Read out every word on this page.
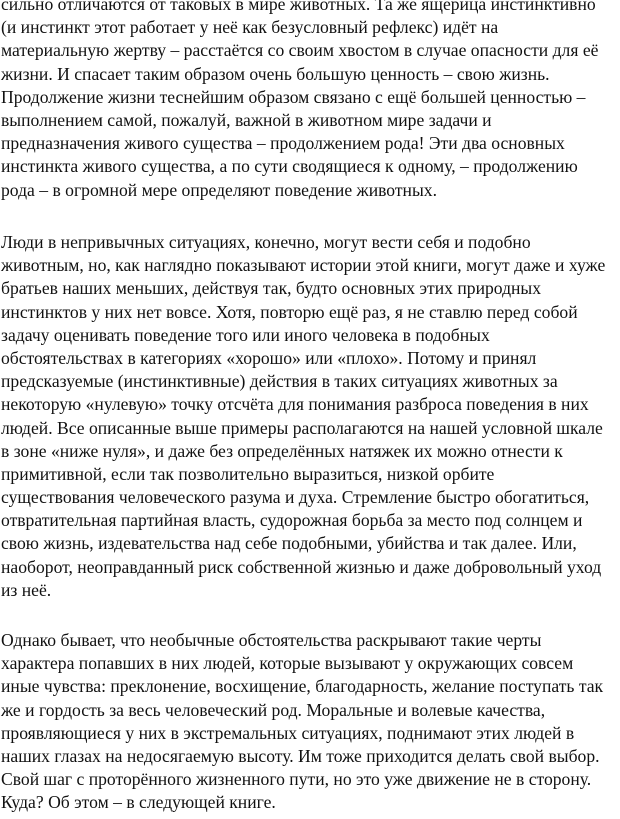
сильно отличаются от таковых в мире животных. Та же ящерица инстинктивно
(и инстинкт этот работает у неё как безусловный рефлекс) идёт на
материальную жертву – расстаётся со своим хвостом в случае опасности для её
жизни. И спасает таким образом очень большую ценность – свою жизнь.
Продолжение жизни теснейшим образом связано с ещё большей ценностью –
выполнением самой, пожалуй, важной в животном мире задачи и
предназначения живого существа – продолжением рода! Эти два основных
инстинкта живого существа, а по сути сводящиеся к одному, – продолжению
рода – в огромной мере определяют поведение животных.
Люди в непривычных ситуациях, конечно, могут вести себя и подобно
животным, но, как наглядно показывают истории этой книги, могут даже и хуже
братьев наших меньших, действуя так, будто основных этих природных
инстинктов у них нет вовсе. Хотя, повторю ещё раз, я не ставлю перед собой
задачу оценивать поведение того или иного человека в подобных
обстоятельствах в категориях «хорошо» или «плохо». Потому и принял
предсказуемые (инстинктивные) действия в таких ситуациях животных за
некоторую «нулевую» точку отсчёта для понимания разброса поведения в них
людей. Все описанные выше примеры располагаются на нашей условной шкале
в зоне «ниже нуля», и даже без определённых натяжек их можно отнести к
примитивной, если так позволительно выразиться, низкой орбите
существования человеческого разума и духа. Стремление быстро обогатиться,
отвратительная партийная власть, судорожная борьба за место под солнцем и
свою жизнь, издевательства над себе подобными, убийства и так далее. Или,
наоборот, неоправданный риск собственной жизнью и даже добровольный уход
из неё.
Однако бывает, что необычные обстоятельства раскрывают такие черты
характера попавших в них людей, которые вызывают у окружающих совсем
иные чувства: преклонение, восхищение, благодарность, желание поступать так
же и гордость за весь человеческий род. Моральные и волевые качества,
проявляющиеся у них в экстремальных ситуациях, поднимают этих людей в
наших глазах на недосягаемую высоту. Им тоже приходится делать свой выбор.
Свой шаг с проторённого жизненного пути, но это уже движение не в сторону.
Куда? Об этом – в следующей книге.
